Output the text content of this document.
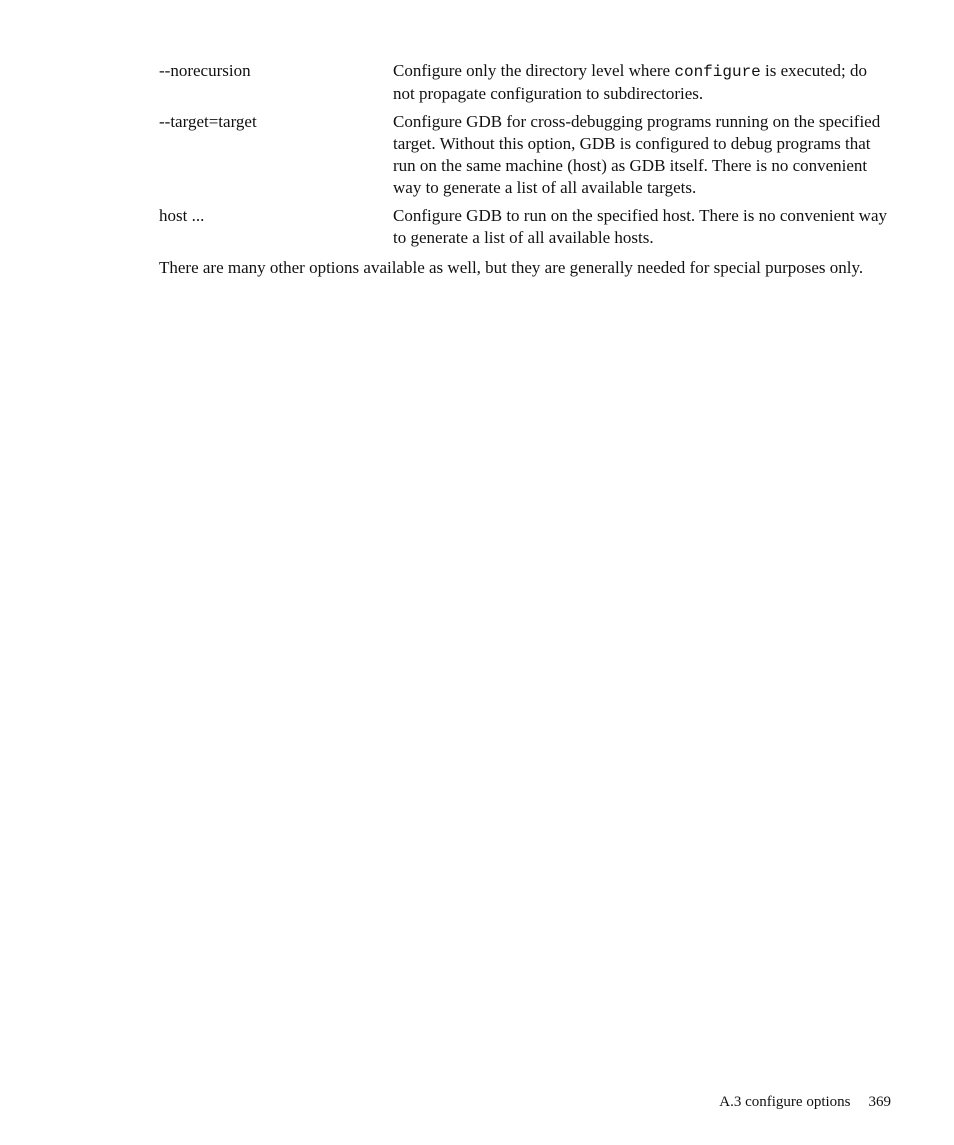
--norecursion	Configure only the directory level where configure is executed; do not propagate configuration to subdirectories.
--target=target	Configure GDB for cross-debugging programs running on the specified target. Without this option, GDB is configured to debug programs that run on the same machine (host) as GDB itself. There is no convenient way to generate a list of all available targets.
host ...	Configure GDB to run on the specified host. There is no convenient way to generate a list of all available hosts.
There are many other options available as well, but they are generally needed for special purposes only.
A.3 configure options 369
